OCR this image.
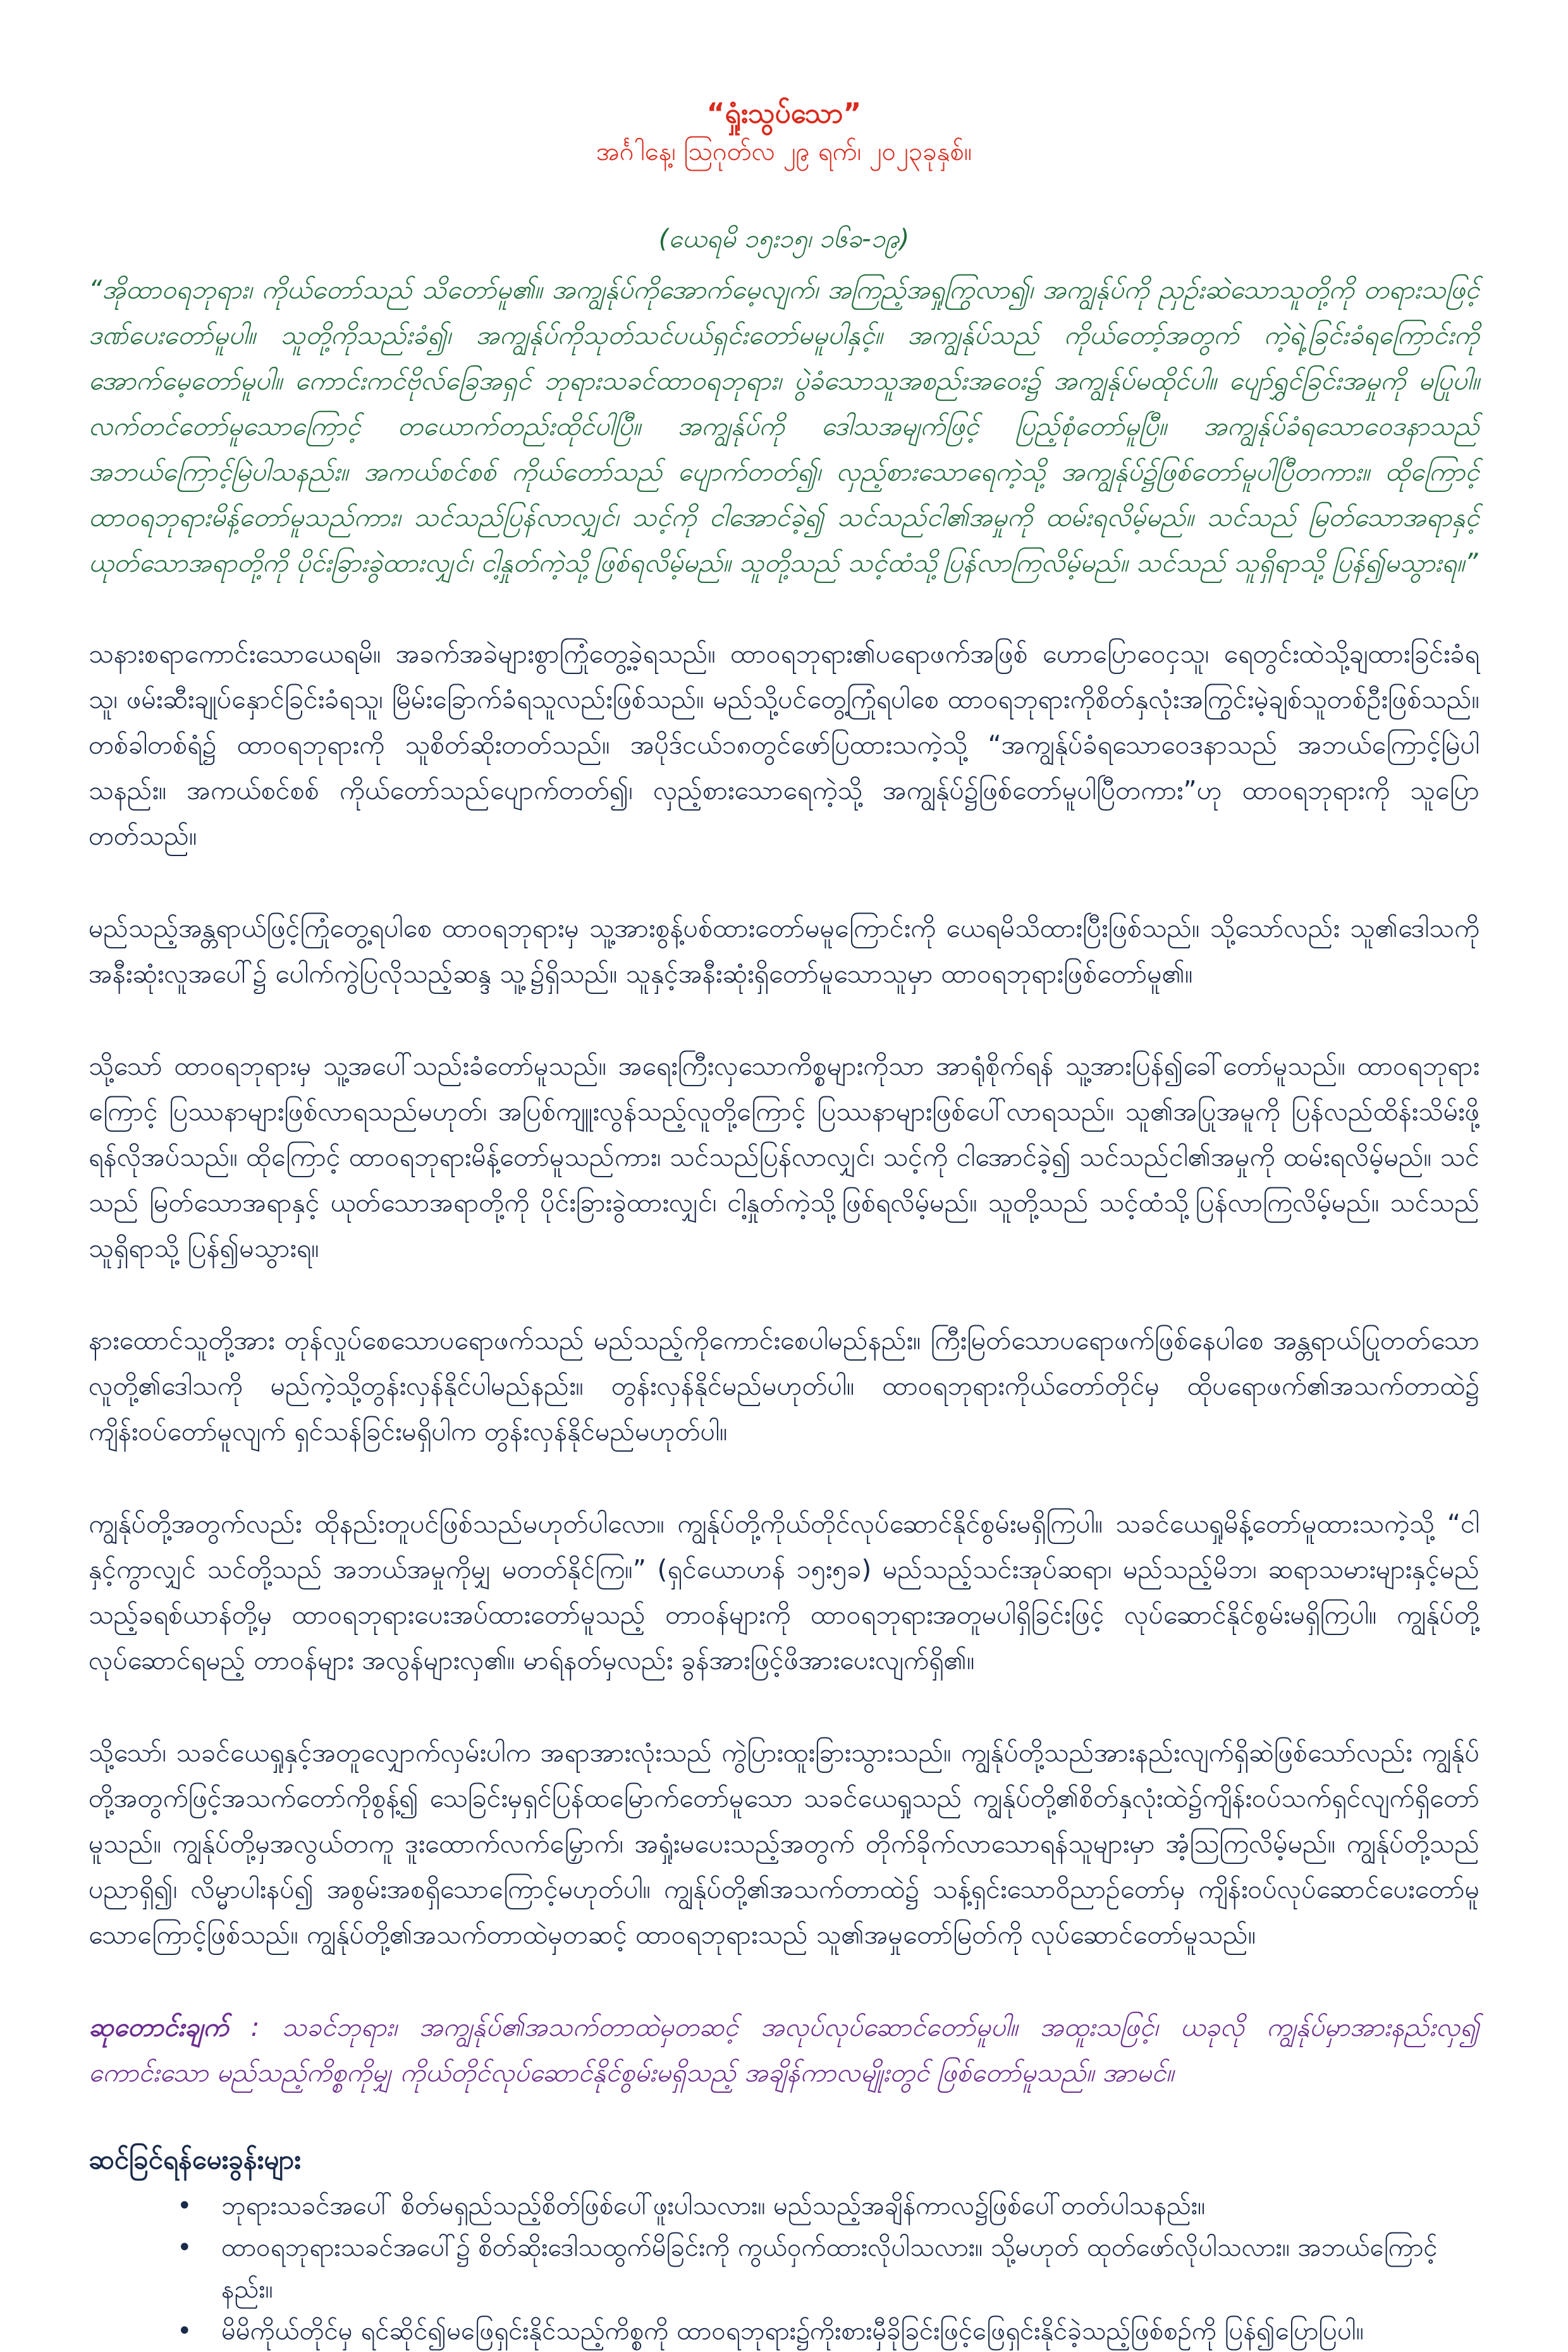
“ရှုံးသွပ်သော”

အင်္ဂါနေ့၊ ဩဂုတ်လ ၂၉ ရက်၊ ၂၀၂၃ခုနှစ်။

(ယေရမိ ၁၅း၁၅၊ ၁၆ခ-၁၉)

“အိုထာဝရဘုရား၊ ကိုယ်တော်သည် သိတော်မူ၏။ အကျွန်ုပ်ကိုအောက်မေ့လျက်၊ အကြည့်အရှုကြွလာ၍၊ အကျွန်ုပ်ကို ညှဉ်းဆဲသောသူတို့ကို တရားသဖြင့် ဒဏ်ပေးတော်မူပါ။ သူတို့ကိုသည်းခံ၍၊ အကျွန်ုပ်ကိုသုတ်သင်ပယ်ရှင်းတော်မမူပါနှင့်။ အကျွန်ုပ်သည် ကိုယ်တော့်အတွက် ကဲ့ရဲ့ခြင်းခံရကြောင်းကို အောက်မေ့တော်မူပါ။ ကောင်းကင်ဗိုလ်ခြေအရှင် ဘုရားသခင်ထာဝရဘုရား၊ ပွဲခံသောသူအစည်းအဝေး၌ အကျွန်ုပ်မထိုင်ပါ။ ပျော်ရွှင်ခြင်းအမှုကို မပြုပါ။ လက်တင်တော်မူသောကြောင့် တယောက်တည်းထိုင်ပါပြီ။ အကျွန်ုပ်ကို ဒေါသအမျက်ဖြင့် ပြည့်စုံတော်မူပြီ။ အကျွန်ုပ်ခံရသောဝေဒနာသည် အဘယ်ကြောင့်မြဲပါသနည်း။ အကယ်စင်စစ် ကိုယ်တော်သည် ပျောက်တတ်၍၊ လှည့်စားသောရေကဲ့သို့ အကျွန်ုပ်၌ဖြစ်တော်မူပါပြီတကား။ ထိုကြောင့် ထာဝရဘုရားမိန့်တော်မူသည်ကား၊ သင်သည်ပြန်လာလျှင်၊ သင့်ကို ငါအောင်ခဲ့၍ သင်သည်ငါ၏အမှုကို ထမ်းရလိမ့်မည်။ သင်သည် မြတ်သောအရာနှင့် ယုတ်သောအရာတို့ကို ပိုင်းခြားခွဲထားလျှင်၊ ငါ့နှုတ်ကဲ့သို့ဖြစ်ရလိမ့်မည်။ သူတို့သည် သင့်ထံသို့ပြန်လာကြလိမ့်မည်။ သင်သည် သူရှိရာသို့ ပြန်၍မသွားရ။”

သနားစရာကောင်းသောယေရမိ။ အခက်အခဲများစွာကြုံတွေ့ခဲ့ရသည်။ ထာဝရဘုရား၏ပရောဖက်အဖြစ် ဟောပြောဝေငှသူ၊ ရေတွင်းထဲသို့ချထားခြင်းခံရသူ၊ ဖမ်းဆီးချုပ်နှောင်ခြင်းခံရသူ၊ မြိမ်းခြောက်ခံရသူလည်းဖြစ်သည်။ မည်သို့ပင်တွေ့ကြုံရပါစေ ထာဝရဘုရားကိုစိတ်နှလုံးအကြွင်းမဲ့ချစ်သူတစ်ဦးဖြစ်သည်။ တစ်ခါတစ်ရံ၌ ထာဝရဘုရားကို သူစိတ်ဆိုးတတ်သည်။ အပိုဒ်ငယ်၁၈တွင်ဖော်ပြထားသကဲ့သို့ “အကျွန်ုပ်ခံရသောဝေဒနာသည် အဘယ်ကြောင့်မြဲပါသနည်း။ အကယ်စင်စစ် ကိုယ်တော်သည်ပျောက်တတ်၍၊ လှည့်စားသောရေကဲ့သို့ အကျွန်ုပ်၌ဖြစ်တော်မူပါပြီတကား”ဟု ထာဝရဘုရားကို သူပြောတတ်သည်။

မည်သည့်အန္တရာယ်ဖြင့်ကြုံတွေ့ရပါစေ ထာဝရဘုရားမှ သူ့အားစွန့်ပစ်ထားတော်မမူကြောင်းကို ယေရမိသိထားပြီးဖြစ်သည်။ သို့သော်လည်း သူ၏ဒေါသကို အနီးဆုံးလူအပေါ်၌ ပေါက်ကွဲပြလိုသည့်ဆန္ဒ သူ့၌ရှိသည်။ သူနှင့်အနီးဆုံးရှိတော်မူသောသူမှာ ထာဝရဘုရားဖြစ်တော်မူ၏။

သို့သော် ထာဝရဘုရားမှ သူ့အပေါ်သည်းခံတော်မူသည်။ အရေးကြီးလှသောကိစ္စများကိုသာ အာရုံစိုက်ရန် သူ့အားပြန်၍ခေါ်တော်မူသည်။ ထာဝရဘုရားကြောင့် ပြဿနာများဖြစ်လာရသည်မဟုတ်၊ အပြစ်ကျူးလွန်သည့်လူတို့ကြောင့် ပြဿနာများဖြစ်ပေါ်လာရသည်။ သူ၏အပြုအမူကို ပြန်လည်ထိန်းသိမ်းဖို့ရန်လိုအပ်သည်။ ထိုကြောင့် ထာဝရဘုရားမိန့်တော်မူသည်ကား၊ သင်သည်ပြန်လာလျှင်၊ သင့်ကို ငါအောင်ခဲ့၍ သင်သည်ငါ၏အမှုကို ထမ်းရလိမ့်မည်။ သင်သည် မြတ်သောအရာနှင့် ယုတ်သောအရာတို့ကို ပိုင်းခြားခွဲထားလျှင်၊ ငါ့နှုတ်ကဲ့သို့ဖြစ်ရလိမ့်မည်။ သူတို့သည် သင့်ထံသို့ပြန်လာကြလိမ့်မည်။ သင်သည် သူရှိရာသို့ ပြန်၍မသွားရ။

နားထောင်သူတို့အား တုန်လှုပ်စေသောပရောဖက်သည် မည်သည့်ကိုကောင်းစေပါမည်နည်း။ ကြီးမြတ်သောပရောဖက်ဖြစ်နေပါစေ အန္တရာယ်ပြုတတ်သောလူတို့၏ဒေါသကို မည်ကဲ့သို့တွန်းလှန်နိုင်ပါမည်နည်း။ တွန်းလှန်နိုင်မည်မဟုတ်ပါ။ ထာဝရဘုရားကိုယ်တော်တိုင်မှ ထိုပရောဖက်၏အသက်တာထဲ၌ ကျိန်းဝပ်တော်မူလျက် ရှင်သန်ခြင်းမရှိပါက တွန်းလှန်နိုင်မည်မဟုတ်ပါ။

ကျွန်ုပ်တို့အတွက်လည်း ထိုနည်းတူပင်ဖြစ်သည်မဟုတ်ပါလော။ ကျွန်ုပ်တို့ကိုယ်တိုင်လုပ်ဆောင်နိုင်စွမ်းမရှိကြပါ။ သခင်ယေရှုမိန့်တော်မူထားသကဲ့သို့ “ငါနှင့်ကွာလျှင် သင်တို့သည် အဘယ်အမှုကိုမျှ မတတ်နိုင်ကြ။” (ရှင်ယောဟန် ၁၅း၅ခ) မည်သည့်သင်းအုပ်ဆရာ၊ မည်သည့်မိဘ၊ ဆရာသမားများနှင့်မည်သည့်ခရစ်ယာန်တို့မှ ထာဝရဘုရားပေးအပ်ထားတော်မူသည့် တာဝန်များကို ထာဝရဘုရားအတူမပါရှိခြင်းဖြင့် လုပ်ဆောင်နိုင်စွမ်းမရှိကြပါ။ ကျွန်ုပ်တို့လုပ်ဆောင်ရမည့် တာဝန်များ အလွန်များလှ၏။ မာရ်နတ်မှလည်း ခွန်အားဖြင့်ဖိအားပေးလျက်ရှိ၏။

သို့သော်၊ သခင်ယေရှုနှင့်အတူလျှောက်လှမ်းပါက အရာအားလုံးသည် ကွဲပြားထူးခြားသွားသည်။ ကျွန်ုပ်တို့သည်အားနည်းလျက်ရှိဆဲဖြစ်သော်လည်း ကျွန်ုပ်တို့အတွက်ဖြင့်အသက်တော်ကိုစွန့်၍ သေခြင်းမှရှင်ပြန်ထမြောက်တော်မူသော သခင်ယေရှုသည် ကျွန်ုပ်တို့၏စိတ်နှလုံးထဲ၌ကျိန်းဝပ်သက်ရှင်လျက်ရှိတော်မူသည်။ ကျွန်ုပ်တို့မှအလွယ်တကူ ဒူးထောက်လက်မြှောက်၊ အရှုံးမပေးသည့်အတွက် တိုက်ခိုက်လာသောရန်သူများမှာ အံ့ဩကြလိမ့်မည်။ ကျွန်ုပ်တို့သည် ပညာရှိ၍၊ လိမ္မာပါးနပ်၍ အစွမ်းအစရှိသောကြောင့်မဟုတ်ပါ။ ကျွန်ုပ်တို့၏အသက်တာထဲ၌ သန့်ရှင်းသောဝိညာဉ်တော်မှ ကျိန်းဝပ်လုပ်ဆောင်ပေးတော်မူသောကြောင့်ဖြစ်သည်။ ကျွန်ုပ်တို့၏အသက်တာထဲမှတဆင့် ထာဝရဘုရားသည် သူ၏အမှုတော်မြတ်ကို လုပ်ဆောင်တော်မူသည်။

ဆုတောင်းချက် : သခင်ဘုရား၊ အကျွန်ုပ်၏အသက်တာထဲမှတဆင့် အလုပ်လုပ်ဆောင်တော်မူပါ။ အထူးသဖြင့်၊ ယခုလို ကျွန်ုပ်မှာအားနည်းလှ၍ ကောင်းသော မည်သည့်ကိစ္စကိုမျှ ကိုယ်တိုင်လုပ်ဆောင်နိုင်စွမ်းမရှိသည့် အချိန်ကာလမျိုးတွင် ဖြစ်တော်မူသည်။ အာမင်။

ဆင်ခြင်ရန်မေးခွန်းများ

• ဘုရားသခင်အပေါ် စိတ်မရှည်သည့်စိတ်ဖြစ်ပေါ်ဖူးပါသလား။ မည်သည့်အချိန်ကာလ၌ဖြစ်ပေါ်တတ်ပါသနည်း။
• ထာဝရဘုရားသခင်အပေါ်၌ စိတ်ဆိုးဒေါသထွက်မိခြင်းကို ကွယ်ဝှက်ထားလိုပါသလား။ သို့မဟုတ် ထုတ်ဖော်လိုပါသလား။ အဘယ်ကြောင့်နည်း။
• မိမိကိုယ်တိုင်မှ ရင်ဆိုင်၍မဖြေရှင်းနိုင်သည့်ကိစ္စကို ထာဝရဘုရား၌ကိုးစားမှီခိုခြင်းဖြင့်ဖြေရှင်းနိုင်ခဲ့သည့်ဖြစ်စဉ်ကို ပြန်၍ပြောပြပါ။
